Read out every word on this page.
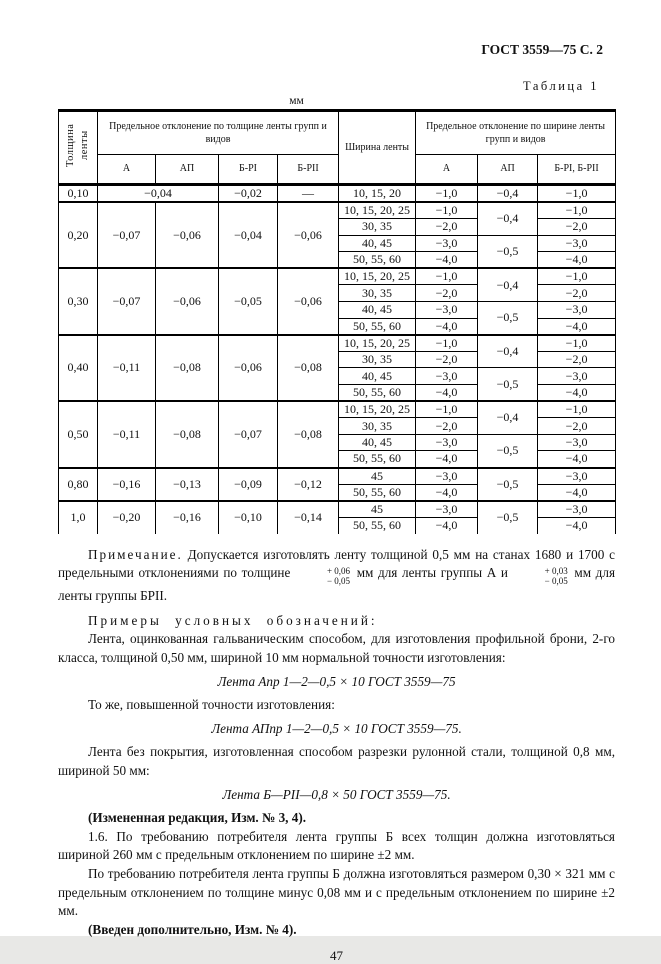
ГОСТ 3559—75 С. 2
Таблица 1
мм
Толщина ленты	Предельное отклонение по толщине ленты групп и видов				Ширина ленты	Предельное отклонение по ширине ленты групп и видов		
	А	АП	Б-РI	Б-РII		А	АП	Б-РI, Б-РII
0,10	−0,04		−0,02	—	10, 15, 20	−1,0	−0,4	−1,0
0,20	−0,07	−0,06	−0,04	−0,06	10, 15, 20, 25	−1,0	−0,4	−1,0
					30, 35	−2,0		−2,0
					40, 45	−3,0	−0,5	−3,0
					50, 55, 60	−4,0		−4,0
0,30	−0,07	−0,06	−0,05	−0,06	10, 15, 20, 25	−1,0	−0,4	−1,0
					30, 35	−2,0		−2,0
					40, 45	−3,0	−0,5	−3,0
					50, 55, 60	−4,0		−4,0
0,40	−0,11	−0,08	−0,06	−0,08	10, 15, 20, 25	−1,0	−0,4	−1,0
					30, 35	−2,0		−2,0
					40, 45	−3,0	−0,5	−3,0
					50, 55, 60	−4,0		−4,0
0,50	−0,11	−0,08	−0,07	−0,08	10, 15, 20, 25	−1,0	−0,4	−1,0
					30, 35	−2,0		−2,0
					40, 45	−3,0	−0,5	−3,0
					50, 55, 60	−4,0		−4,0
0,80	−0,16	−0,13	−0,09	−0,12	45	−3,0	−0,5	−3,0
					50, 55, 60	−4,0		−4,0
1,0	−0,20	−0,16	−0,10	−0,14	45	−3,0	−0,5	−3,0
					50, 55, 60	−4,0		−4,0

Примечание. Допускается изготовлять ленту толщиной 0,5 мм на станах 1680 и 1700 с предельными отклонениями по толщине	+ 0,06
− 0,05
мм для ленты группы А и	+ 0,03
− 0,05
мм для ленты группы БРII.

Примеры условных обозначений:

Лента, оцинкованная гальваническим способом, для изготовления профильной брони, 2-го класса, толщиной 0,50 мм, шириной 10 мм нормальной точности изготовления:

Лента Апр 1—2—0,5 × 10 ГОСТ 3559—75

То же, повышенной точности изготовления:

Лента АПпр 1—2—0,5 × 10 ГОСТ 3559—75.

Лента без покрытия, изготовленная способом разрезки рулонной стали, толщиной 0,8 мм, шириной 50 мм:

Лента Б—РII—0,8 × 50 ГОСТ 3559—75.

(Измененная редакция, Изм. № 3, 4).

1.6. По требованию потребителя лента группы Б всех толщин должна изготовляться шириной 260 мм с предельным отклонением по ширине ±2 мм.

По требованию потребителя лента группы Б должна изготовляться размером 0,30 × 321 мм с предельным отклонением по толщине минус 0,08 мм и с предельным отклонением по ширине ±2 мм.

(Введен дополнительно, Изм. № 4).

47
